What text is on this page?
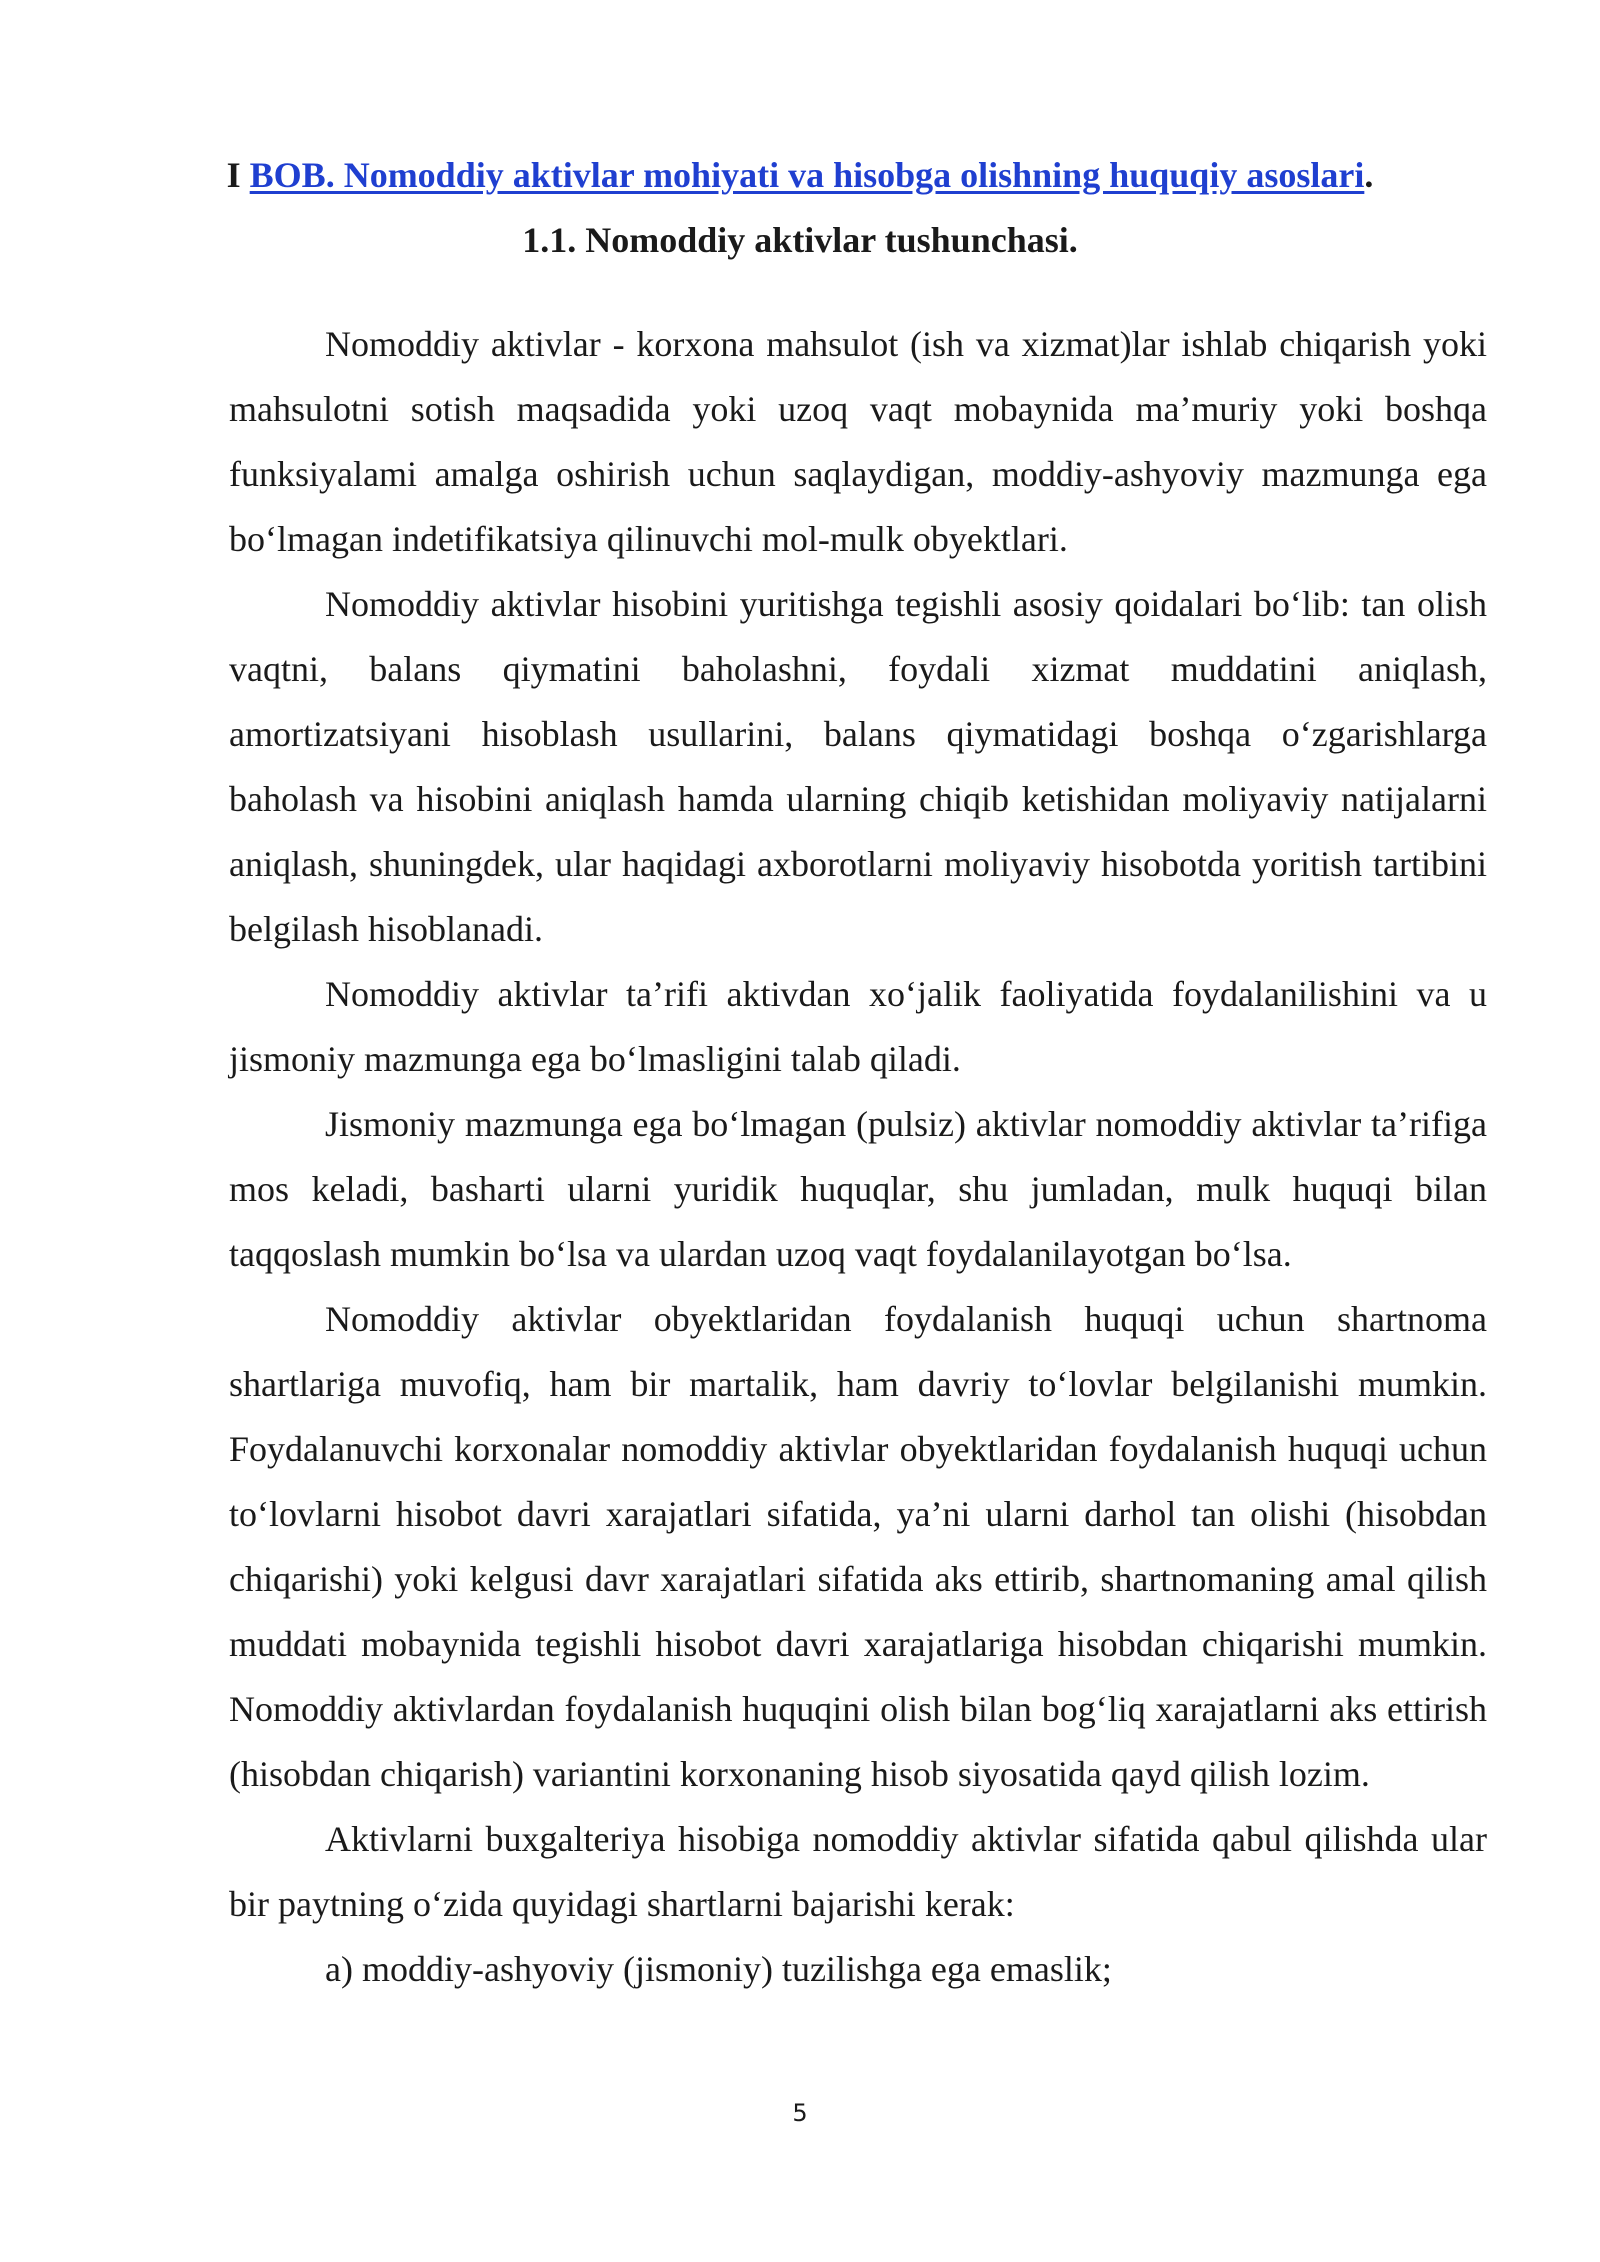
I BOB. Nomoddiy aktivlar mohiyati va hisobga olishning huquqiy asoslari.
1.1. Nomoddiy aktivlar tushunchasi.

Nomoddiy aktivlar - korxona mahsulot (ish va xizmat)lar ishlab chiqarish yoki mahsulotni sotish maqsadida yoki uzoq vaqt mobaynida ma’muriy yoki boshqa funksiyalami amalga oshirish uchun saqlaydigan, moddiy-ashyoviy mazmunga ega bo‘lmagan indetifikatsiya qilinuvchi mol-mulk obyektlari.

Nomoddiy aktivlar hisobini yuritishga tegishli asosiy qoidalari bo‘lib: tan olish vaqtni, balans qiymatini baholashni, foydali xizmat muddatini aniqlash, amortizatsiyani hisoblash usullarini, balans qiymatidagi boshqa o‘zgarishlarga baholash va hisobini aniqlash hamda ularning chiqib ketishidan moliyaviy natijalarni aniqlash, shuningdek, ular haqidagi axborotlarni moliyaviy hisobotda yoritish tartibini belgilash hisoblanadi.

Nomoddiy aktivlar ta’rifi aktivdan xo‘jalik faoliyatida foydalanilishini va u jismoniy mazmunga ega bo‘lmasligini talab qiladi.

Jismoniy mazmunga ega bo‘lmagan (pulsiz) aktivlar nomoddiy aktivlar ta’rifiga mos keladi, basharti ularni yuridik huquqlar, shu jumladan, mulk huquqi bilan taqqoslash mumkin bo‘lsa va ulardan uzoq vaqt foydalanilayotgan bo‘lsa.

Nomoddiy aktivlar obyektlaridan foydalanish huquqi uchun shartnoma shartlariga muvofiq, ham bir martalik, ham davriy to‘lovlar belgilanishi mumkin. Foydalanuvchi korxonalar nomoddiy aktivlar obyektlaridan foydalanish huquqi uchun to‘lovlarni hisobot davri xarajatlari sifatida, ya’ni ularni darhol tan olishi (hisobdan chiqarishi) yoki kelgusi davr xarajatlari sifatida aks ettirib, shartnomaning amal qilish muddati mobaynida tegishli hisobot davri xarajatlariga hisobdan chiqarishi mumkin. Nomoddiy aktivlardan foydalanish huquqini olish bilan bog‘liq xarajatlarni aks ettirish (hisobdan chiqarish) variantini korxonaning hisob siyosatida qayd qilish lozim.

Aktivlarni buxgalteriya hisobiga nomoddiy aktivlar sifatida qabul qilishda ular bir paytning o‘zida quyidagi shartlarni bajarishi kerak:

a) moddiy-ashyoviy (jismoniy) tuzilishga ega emaslik;

5
